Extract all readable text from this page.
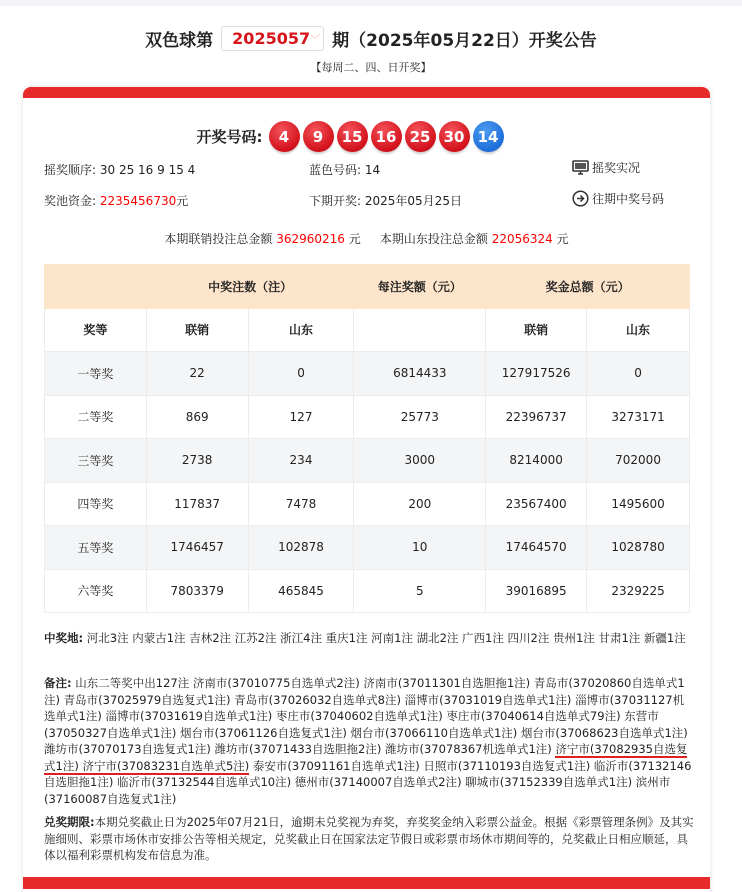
双色球第 2025057 ﹀ 期（2025年05月22日）开奖公告
【每周二、四、日开奖】
开奖号码:	4	9	15 16 25 30 14
摇奖顺序: 30 25 16 9 15 4	蓝色号码: 14	摇奖实况
奖池资金: 2235456730元	下期开奖: 2025年05月25日	往期中奖号码
本期联销投注总金额 362960216 元 本期山东投注总金额 22056324 元
	中奖注数（注）		每注奖额（元）	奖金总额（元）	
奖等	联销	山东		联销	山东
一等奖	22	0	6814433	127917526	0
二等奖	869	127	25773	22396737	3273171
三等奖	2738	234	3000	8214000	702000
四等奖	117837	7478	200	23567400	1495600
五等奖	1746457	102878	10	17464570	1028780
六等奖	7803379	465845	5	39016895	2329225
中奖地: 河北3注 内蒙古1注 吉林2注 江苏2注 浙江4注 重庆1注 河南1注 湖北2注 广西1注 四川2注 贵州1注 甘肃1注 新疆1注
备注: 山东二等奖中出127注 济南市(37010775自选单式2注) 济南市(37011301自选胆拖1注) 青岛市(37020860自选单式1注) 青岛市(37025979自选复式1注) 青岛市(37026032自选单式8注) 淄博市(37031019自选单式1注) 淄博市(37031127机选单式1注) 淄博市(37031619自选单式1注) 枣庄市(37040602自选单式1注) 枣庄市(37040614自选单式79注) 东营市(37050327自选单式1注) 烟台市(37061126自选复式1注) 烟台市(37066110自选单式1注) 烟台市(37068623自选单式1注) 潍坊市(37070173自选复式1注) 潍坊市(37071433自选胆拖2注) 潍坊市(37078367机选单式1注) 济宁市(37082935自选复式1注) 济宁市(37083231自选单式5注) 泰安市(37091161自选单式1注) 日照市(37110193自选复式1注) 临沂市(37132146自选胆拖1注) 临沂市(37132544自选单式10注) 德州市(37140007自选单式2注) 聊城市(37152339自选单式1注) 滨州市(37160087自选复式1注)
兑奖期限:本期兑奖截止日为2025年07月21日，逾期未兑奖视为弃奖，弃奖奖金纳入彩票公益金。根据《彩票管理条例》及其实施细则、彩票市场休市安排公告等相关规定，兑奖截止日在国家法定节假日或彩票市场休市期间等的，兑奖截止日相应顺延，具体以福利彩票机构发布信息为准。
